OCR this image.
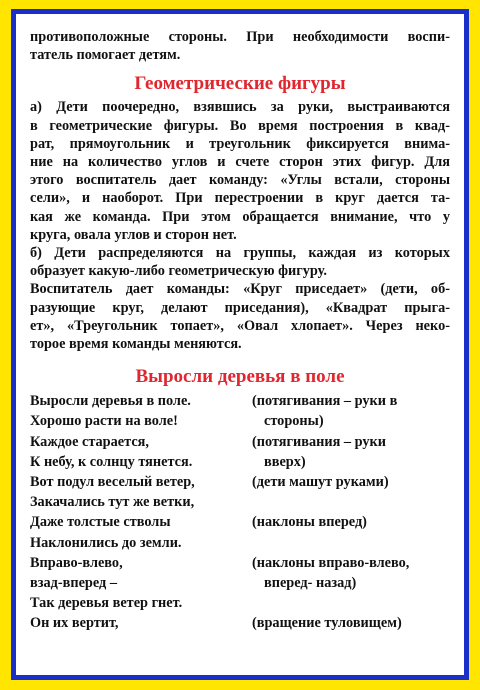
противоположные стороны. При необходимости воспи-
татель помогает детям.
Геометрические фигуры
а) Дети поочередно, взявшись за руки, выстраиваются
в геометрические фигуры. Во время построения в квад-
рат, прямоугольник и треугольник фиксируется внима-
ние на количество углов и счете сторон этих фигур. Для
этого воспитатель дает команду: «Углы встали, стороны
сели», и наоборот. При перестроении в круг дается та-
кая же команда. При этом обращается внимание, что у
круга, овала углов и сторон нет.
б) Дети распределяются на группы, каждая из которых
образует какую-либо геометрическую фигуру.
Воспитатель дает команды: «Круг приседает» (дети, об-
разующие круг, делают приседания), «Квадрат прыга-
ет», «Треугольник топает», «Овал хлопает». Через неко-
торое время команды меняются.
Выросли деревья в поле
Выросли деревья в поле.	(потягивания – руки в
Хорошо расти на воле!	стороны)
Каждое старается,	(потягивания – руки
К небу, к солнцу тянется.	вверх)
Вот подул веселый ветер,	(дети машут руками)
Закачались тут же ветки,
Даже толстые стволы	(наклоны вперед)
Наклонились до земли.
Вправо-влево,	(наклоны вправо-влево,
взад-вперед –	вперед- назад)
Так деревья ветер гнет.
Он их вертит,	(вращение туловищем)
